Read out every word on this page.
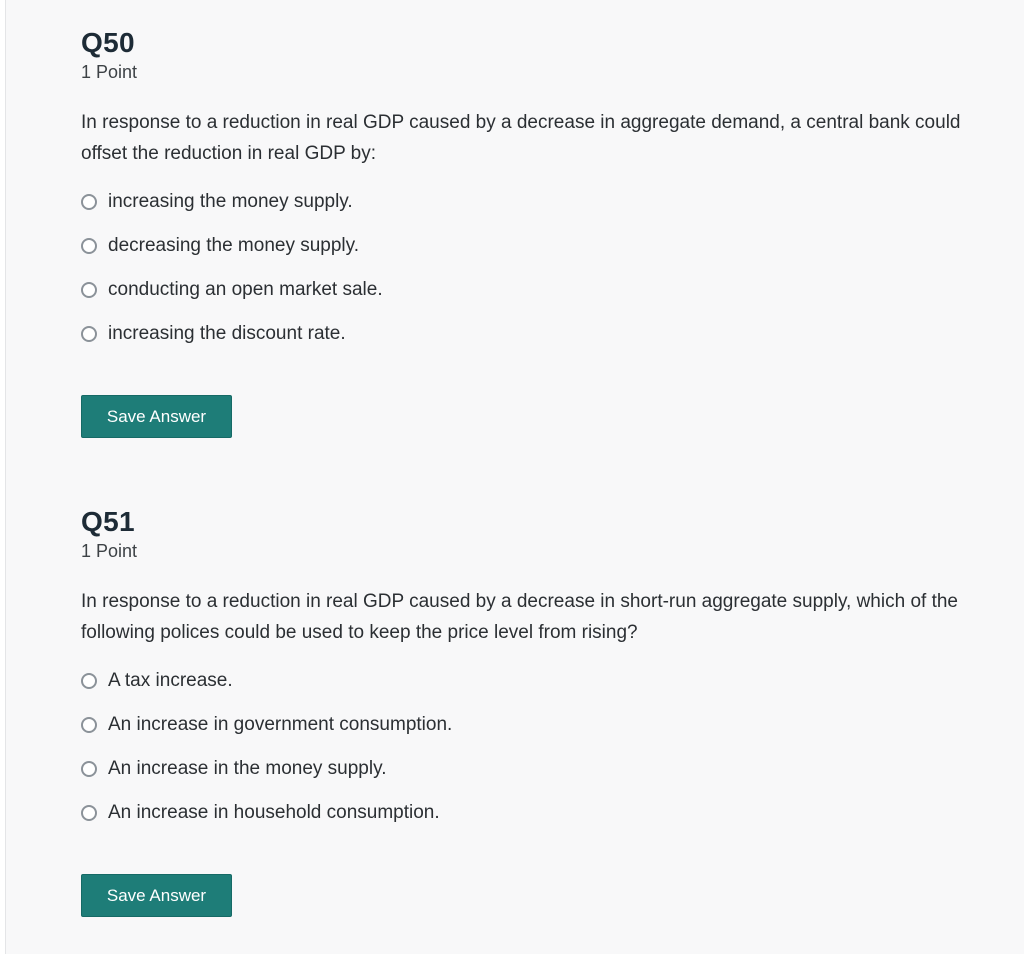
Q50
1 Point
In response to a reduction in real GDP caused by a decrease in aggregate demand, a central bank could offset the reduction in real GDP by:
increasing the money supply.
decreasing the money supply.
conducting an open market sale.
increasing the discount rate.
Save Answer
Q51
1 Point
In response to a reduction in real GDP caused by a decrease in short-run aggregate supply, which of the following polices could be used to keep the price level from rising?
A tax increase.
An increase in government consumption.
An increase in the money supply.
An increase in household consumption.
Save Answer
